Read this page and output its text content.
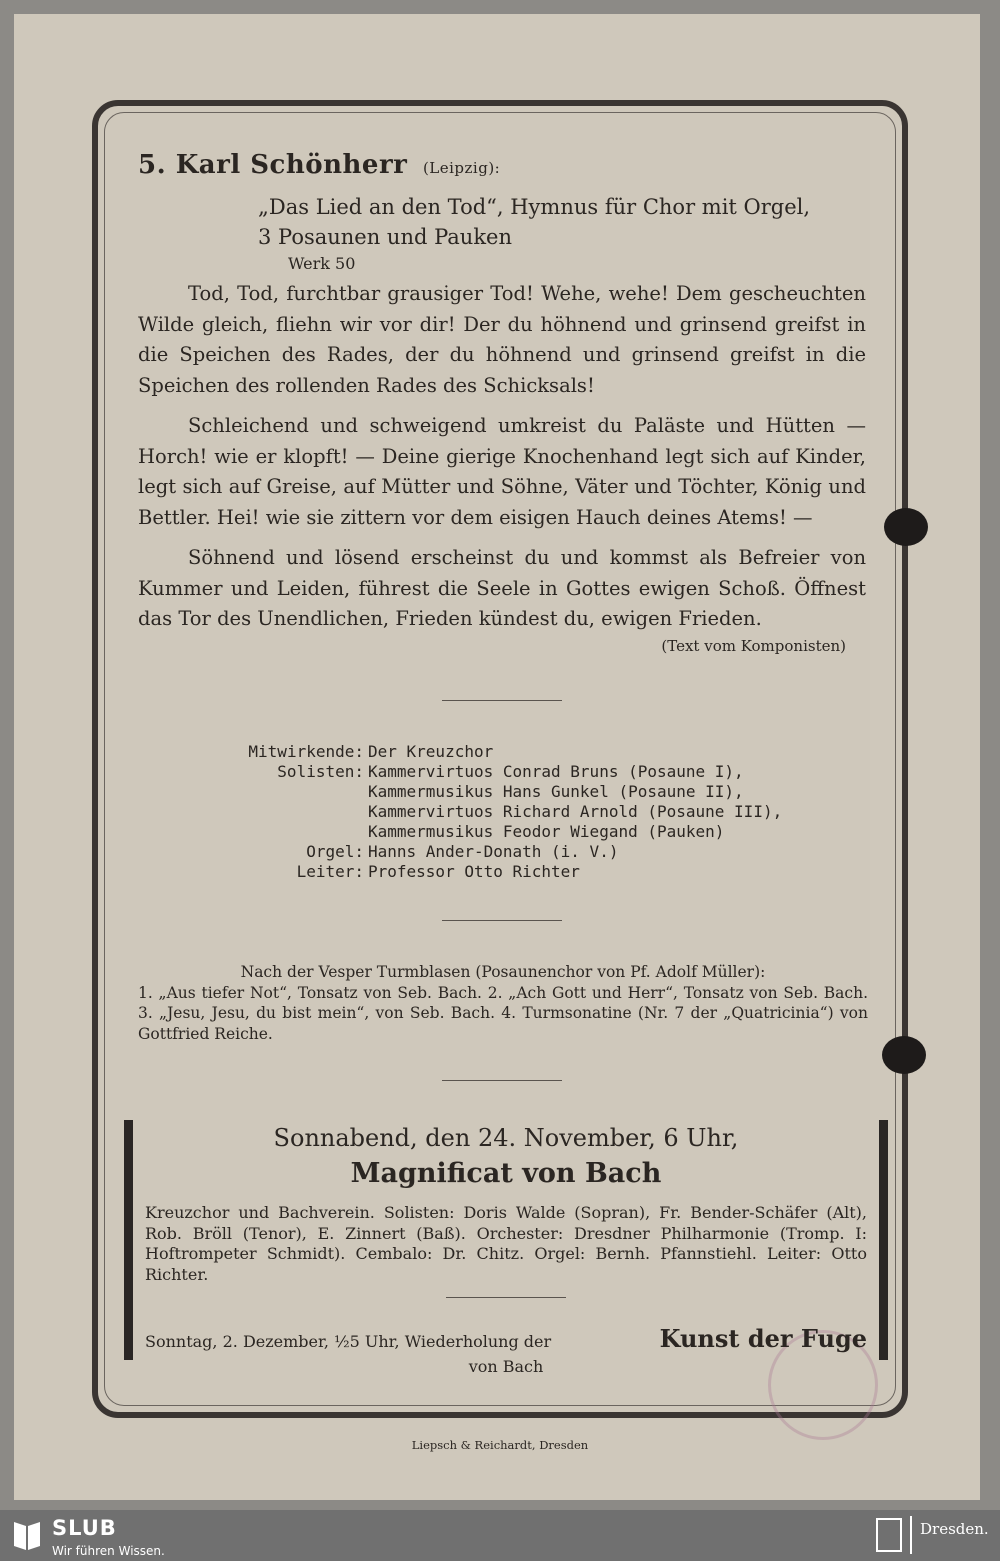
5. Karl Schönherr (Leipzig):
„Das Lied an den Tod“, Hymnus für Chor mit Orgel,
3 Posaunen und Pauken
Werk 50

Tod, Tod, furchtbar grausiger Tod! Wehe, wehe! Dem gescheuchten Wilde gleich, fliehn wir vor dir! Der du höhnend und grinsend greifst in die Speichen des Rades, der du höhnend und grinsend greifst in die Speichen des rollenden Rades des Schicksals!

Schleichend und schweigend umkreist du Paläste und Hütten — Horch! wie er klopft! — Deine gierige Knochenhand legt sich auf Kinder, legt sich auf Greise, auf Mütter und Söhne, Väter und Töchter, König und Bettler. Hei! wie sie zittern vor dem eisigen Hauch deines Atems! —

Söhnend und lösend erscheinst du und kommst als Befreier von Kummer und Leiden, führest die Seele in Gottes ewigen Schoß. Öffnest das Tor des Unendlichen, Frieden kündest du, ewigen Frieden.

(Text vom Komponisten)
Mitwirkende: Der Kreuzchor
Solisten: Kammervirtuos Conrad Bruns (Posaune I),
Kammermusikus Hans Gunkel (Posaune II),
Kammervirtuos Richard Arnold (Posaune III),
Kammermusikus Feodor Wiegand (Pauken)
Orgel: Hanns Ander-Donath (i. V.)
Leiter: Professor Otto Richter
Nach der Vesper Turmblasen (Posaunenchor von Pf. Adolf Müller):
1. „Aus tiefer Not“, Tonsatz von Seb. Bach. 2. „Ach Gott und Herr“, Tonsatz von Seb. Bach. 3. „Jesu, Jesu, du bist mein“, von Seb. Bach. 4. Turmsonatine (Nr. 7 der „Quatricinia“) von Gottfried Reiche.
Sonnabend, den 24. November, 6 Uhr,
Magnificat von Bach
Kreuzchor und Bachverein. Solisten: Doris Walde (Sopran), Fr. Bender-Schäfer (Alt), Rob. Bröll (Tenor), E. Zinnert (Baß). Orchester: Dresdner Philharmonie (Tromp. I: Hoftrompeter Schmidt). Cembalo: Dr. Chitz. Orgel: Bernh. Pfannstiehl. Leiter: Otto Richter.
Sonntag, 2. Dezember, ½5 Uhr, Wiederholung der	Kunst der Fuge
von Bach
Liepsch & Reichardt, Dresden
SLUB
Wir führen Wissen.
Dresden.
